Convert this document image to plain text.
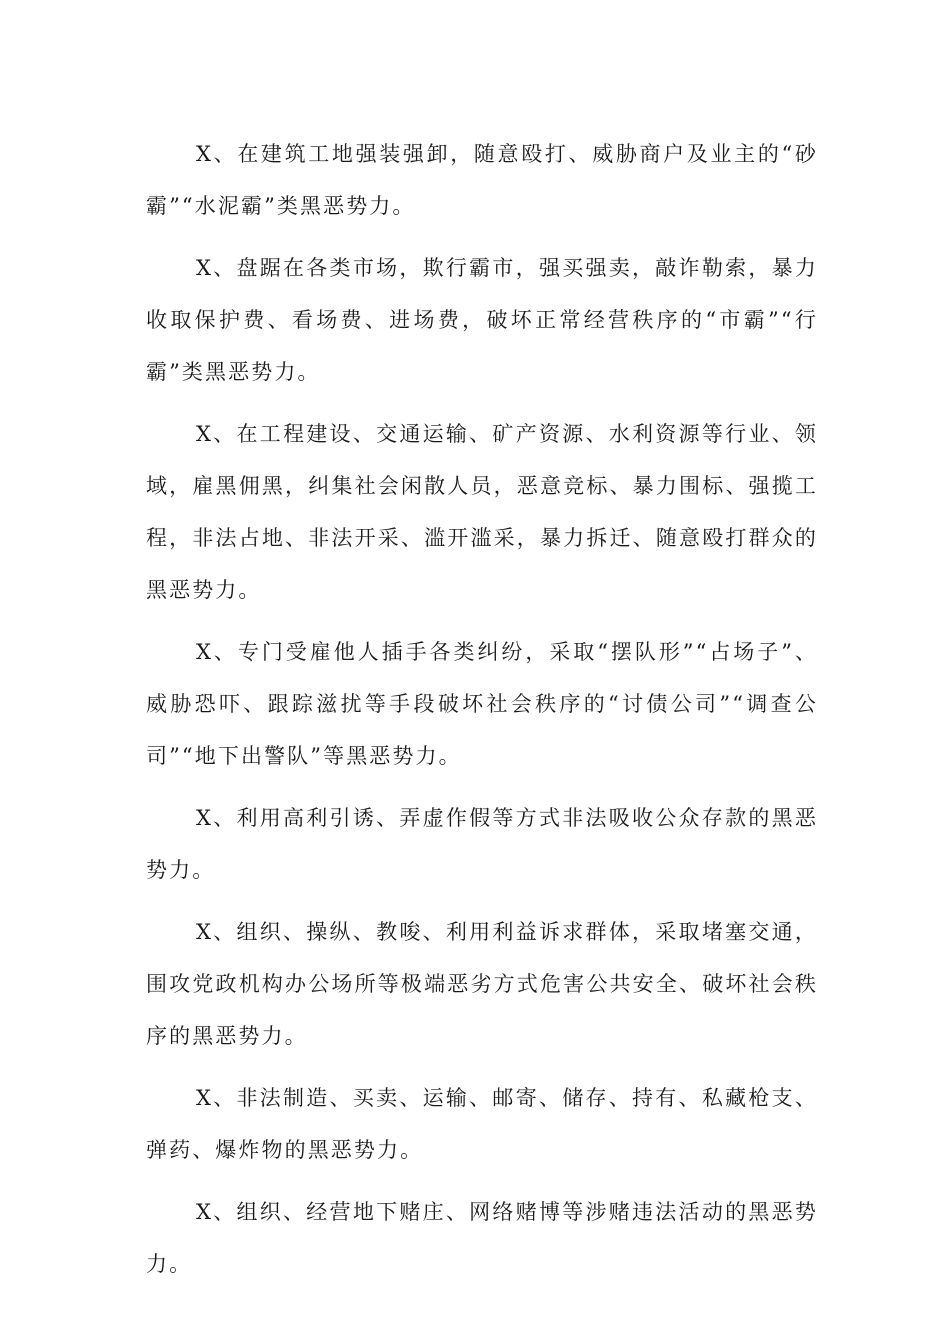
X、在建筑工地强装强卸，随意殴打、威胁商户及业主的“砂霸”“水泥霸”类黑恶势力。

X、盘踞在各类市场，欺行霸市，强买强卖，敲诈勒索，暴力收取保护费、看场费、进场费，破坏正常经营秩序的“市霸”“行霸”类黑恶势力。

X、在工程建设、交通运输、矿产资源、水利资源等行业、领域，雇黑佣黑，纠集社会闲散人员，恶意竞标、暴力围标、强揽工程，非法占地、非法开采、滥开滥采，暴力拆迁、随意殴打群众的黑恶势力。

X、专门受雇他人插手各类纠纷，采取“摆队形”“占场子”、威胁恐吓、跟踪滋扰等手段破坏社会秩序的“讨债公司”“调查公司”“地下出警队”等黑恶势力。

X、利用高利引诱、弄虚作假等方式非法吸收公众存款的黑恶势力。

X、组织、操纵、教唆、利用利益诉求群体，采取堵塞交通，围攻党政机构办公场所等极端恶劣方式危害公共安全、破坏社会秩序的黑恶势力。

X、非法制造、买卖、运输、邮寄、储存、持有、私藏枪支、弹药、爆炸物的黑恶势力。

X、组织、经营地下赌庄、网络赌博等涉赌违法活动的黑恶势力。
